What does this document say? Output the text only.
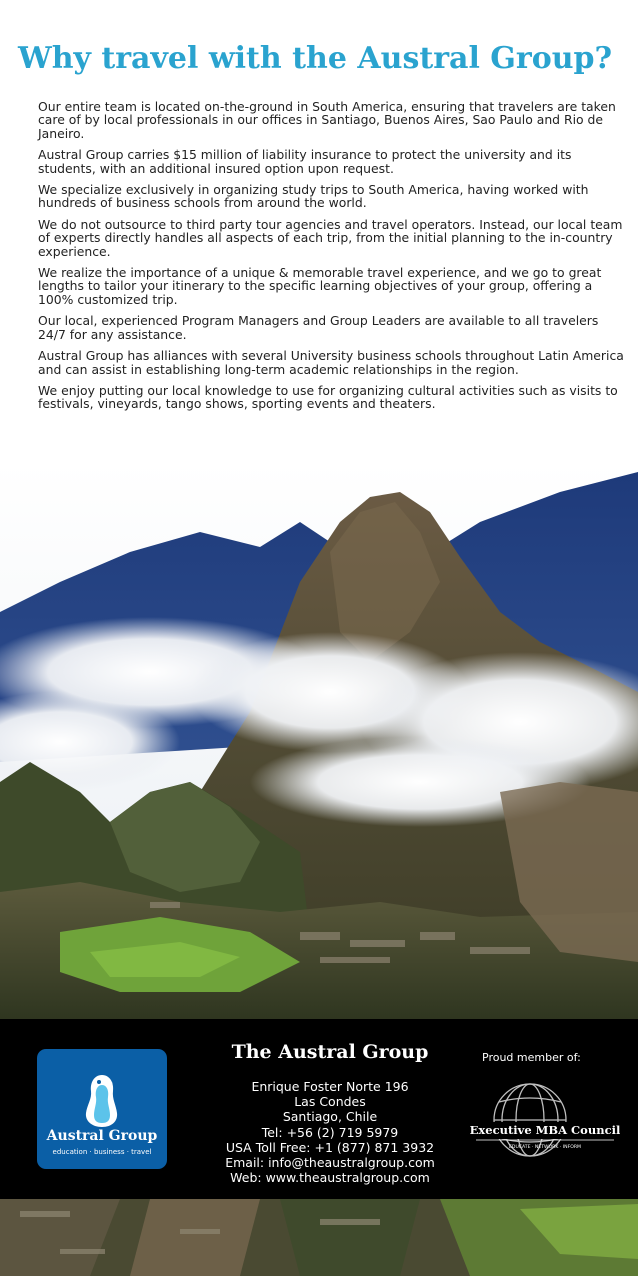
Why travel with the Austral Group?

Our entire team is located on-the-ground in South America, ensuring that travelers are taken care of by local professionals in our offices in Santiago, Buenos Aires, Sao Paulo and Rio de Janeiro.

Austral Group carries $15 million of liability insurance to protect the university and its students, with an additional insured option upon request.

We specialize exclusively in organizing study trips to South America, having worked with hundreds of business schools from around the world.

We do not outsource to third party tour agencies and travel operators. Instead, our local team of experts directly handles all aspects of each trip, from the initial planning to the in-country experience.

We realize the importance of a unique & memorable travel experience, and we go to great lengths to tailor your itinerary to the specific learning objectives of your group, offering a 100% customized trip.

Our local, experienced Program Managers and Group Leaders are available to all travelers 24/7 for any assistance.

Austral Group has alliances with several University business schools throughout Latin America and can assist in establishing long-term academic relationships in the region.

We enjoy putting our local knowledge to use for organizing cultural activities such as visits to festivals, vineyards, tango shows, sporting events and theaters.

Austral Group
education · business · travel
The Austral Group
Enrique Foster Norte 196
Las Condes
Santiago, Chile
Tel: +56 (2) 719 5979
USA Toll Free: +1 (877) 871 3932
Email: info@theaustralgroup.com
Web: www.theaustralgroup.com
Proud member of:
Executive MBA Council
EDUCATE · NETWORK · INFORM
